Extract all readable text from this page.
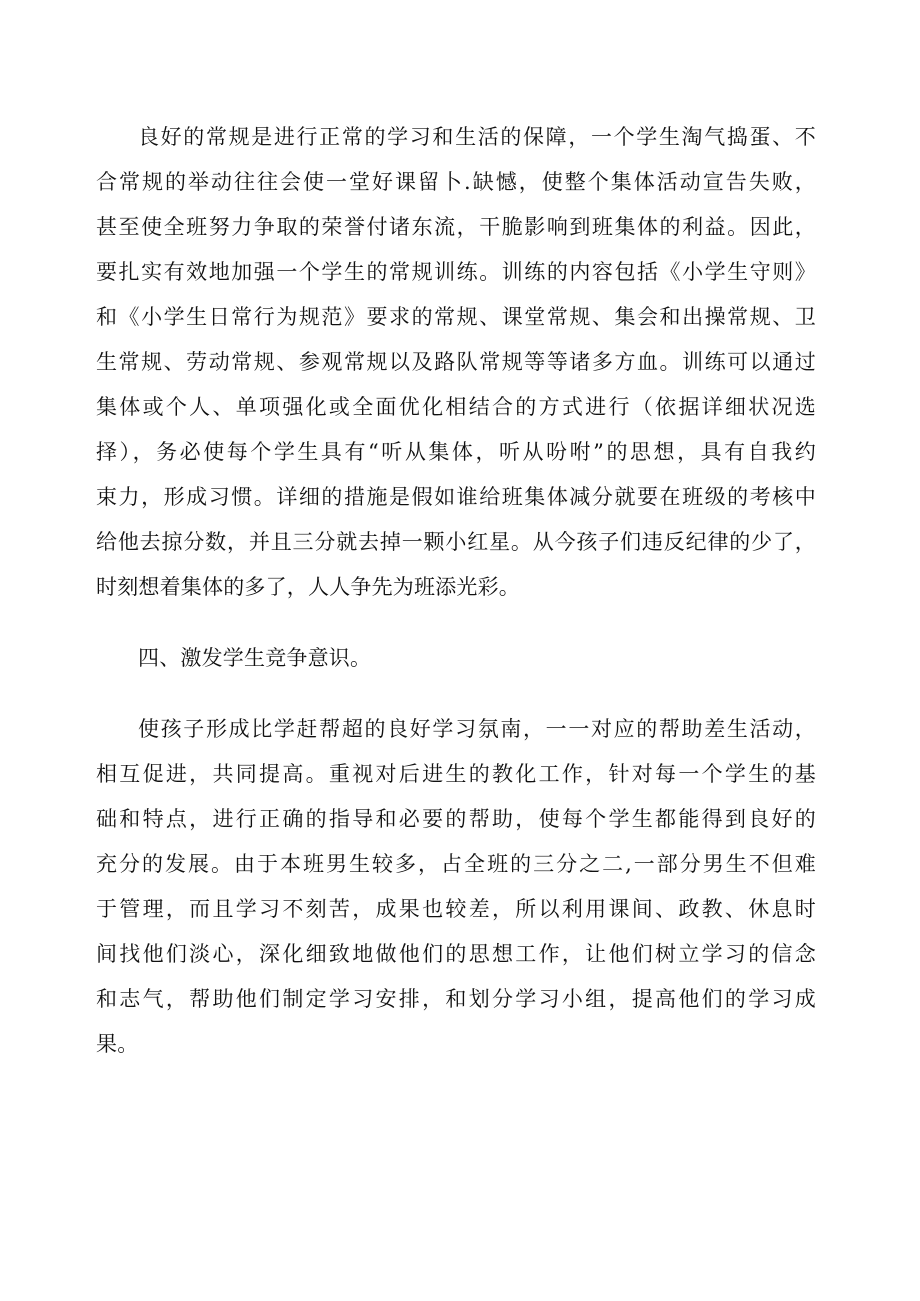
良好的常规是进行正常的学习和生活的保障，一个学生淘气捣蛋、不
合常规的举动往往会使一堂好课留卜.缺憾，使整个集体活动宣告失败，
甚至使全班努力争取的荣誉付诸东流，干脆影响到班集体的利益。因此，
要扎实有效地加强一个学生的常规训练。训练的内容包括《小学生守则》
和《小学生日常行为规范》要求的常规、课堂常规、集会和出操常规、卫
生常规、劳动常规、参观常规以及路队常规等等诸多方血。训练可以通过
集体或个人、单项强化或全面优化相结合的方式进行（依据详细状况选
择），务必使每个学生具有“听从集体，听从吩咐”的思想，具有自我约
束力，形成习惯。详细的措施是假如谁给班集体减分就要在班级的考核中
给他去掠分数，并且三分就去掉一颗小红星。从今孩子们违反纪律的少了，
时刻想着集体的多了，人人争先为班添光彩。
四、激发学生竞争意识。
使孩子形成比学赶帮超的良好学习氛南，一一对应的帮助差生活动，
相互促进，共同提高。重视对后进生的教化工作，针对每一个学生的基
础和特点，进行正确的指导和必要的帮助，使每个学生都能得到良好的
充分的发展。由于本班男生较多，占全班的三分之二,一部分男生不但难
于管理，而且学习不刻苦，成果也较差，所以利用课间、政教、休息时
间找他们淡心，深化细致地做他们的思想工作，让他们树立学习的信念
和志气，帮助他们制定学习安排，和划分学习小组，提高他们的学习成
果。
